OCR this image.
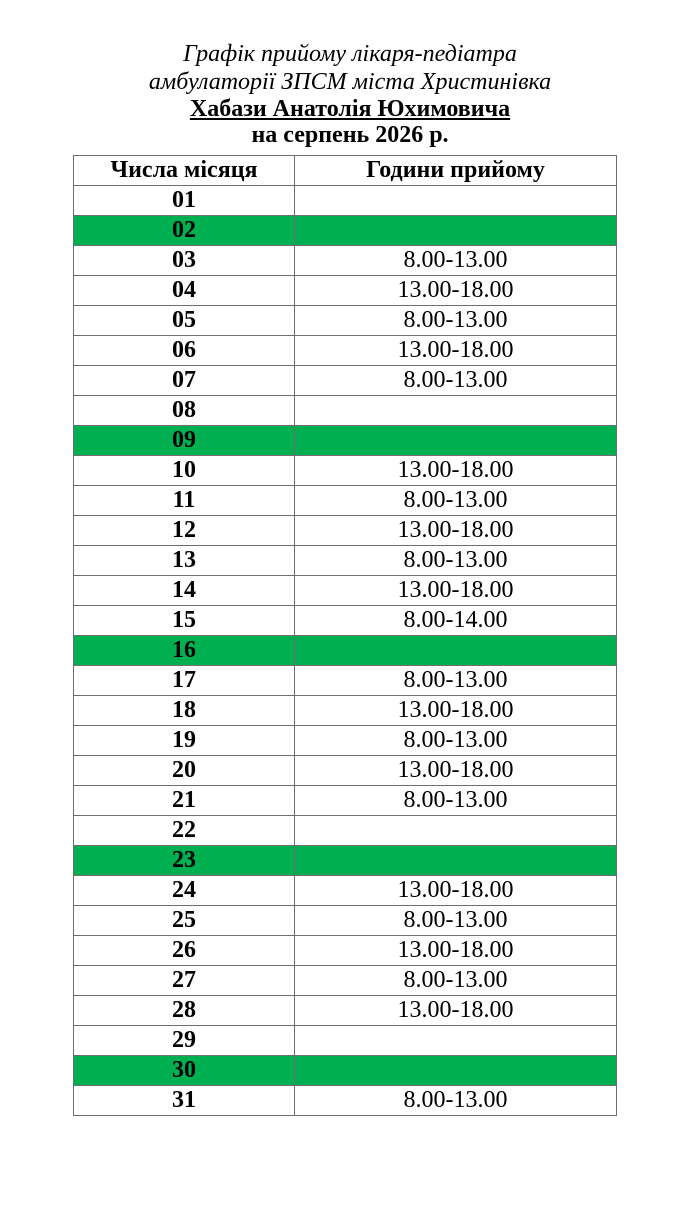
Графік прийому лікаря-педіатра
амбулаторії ЗПСМ міста Христинівка
Хабази Анатолія Юхимовича
на серпень 2026 р.
Числа місяця	Години прийому
01	
02	
03	8.00-13.00
04	13.00-18.00
05	8.00-13.00
06	13.00-18.00
07	8.00-13.00
08	
09	
10	13.00-18.00
11	8.00-13.00
12	13.00-18.00
13	8.00-13.00
14	13.00-18.00
15	8.00-14.00
16	
17	8.00-13.00
18	13.00-18.00
19	8.00-13.00
20	13.00-18.00
21	8.00-13.00
22	
23	
24	13.00-18.00
25	8.00-13.00
26	13.00-18.00
27	8.00-13.00
28	13.00-18.00
29	
30	
31	8.00-13.00
